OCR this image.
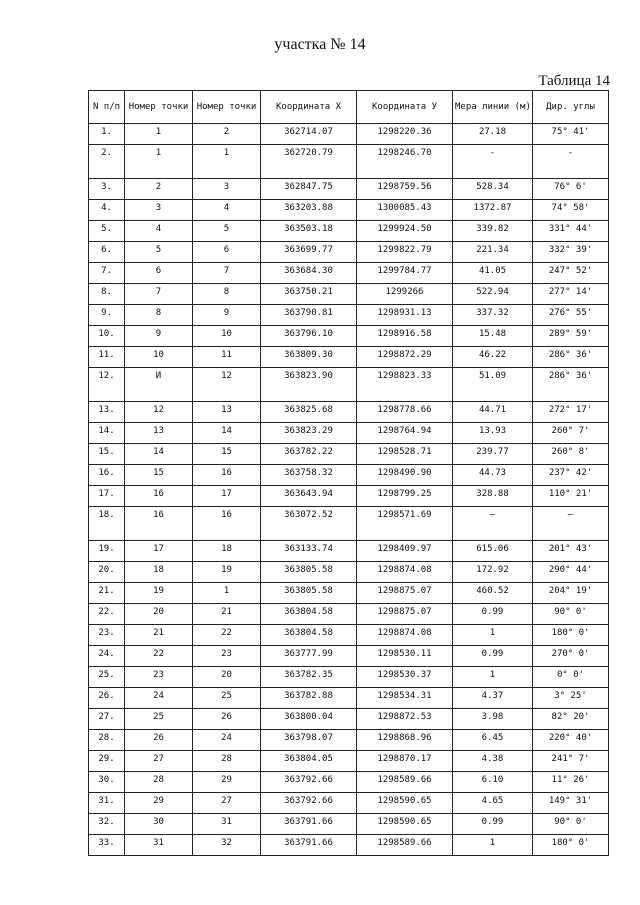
участка № 14
Таблица 14
N п/п	Номер точки	Номер точки	Координата X	Координата У	Мера линии (м)	Дир. углы
1.	1	2	362714.07	1298220.36	27.18	75° 41'
2.	1	1	362720.79	1298246.70	-	-
3.	2	3	362847.75	1298759.56	528.34	76° 6'
4.	3	4	363203.88	1300085.43	1372.87	74° 58'
5.	4	5	363503.18	1299924.50	339.82	331° 44'
6.	5	6	363699.77	1299822.79	221.34	332° 39'
7.	6	7	363684.30	1299784.77	41.05	247° 52'
8.	7	8	363750.21	1299266	522.94	277° 14'
9.	8	9	363790.81	1298931.13	337.32	276° 55'
10.	9	10	363796.10	1298916.58	15.48	289° 59'
11.	10	11	363809.30	1298872.29	46.22	286° 36'
12.	И	12	363823.90	1298823.33	51.09	286° 36'
13.	12	13	363825.68	1298778.66	44.71	272° 17'
14.	13	14	363823.29	1298764.94	13.93	260° 7'
15.	14	15	363782.22	1298528.71	239.77	260° 8'
16.	15	16	363758.32	1298490.90	44.73	237° 42'
17.	16	17	363643.94	1298799.25	328.88	110° 21'
18.	16	16	363072.52	1298571.69	—	—
19.	17	18	363133.74	1298409.97	615.06	201° 43'
20.	18	19	363805.58	1298874.08	172.92	290° 44'
21.	19	1	363805.58	1298875.07	460.52	204° 19'
22.	20	21	363804.58	1298875.07	0.99	90° 0'
23.	21	22	363804.58	1298874.08	1	180° 0'
24.	22	23	363777.99	1298530.11	0.99	270° 0'
25.	23	20	363782.35	1298530.37	1	0° 0'
26.	24	25	363782.88	1298534.31	4.37	3° 25'
27.	25	26	363800.04	1298872.53	3.98	82° 20'
28.	26	24	363798.07	1298868.96	6.45	220° 40'
29.	27	28	363804.05	1298870.17	4.38	241° 7'
30.	28	29	363792.66	1298589.66	6.10	11° 26'
31.	29	27	363792.66	1298590.65	4.65	149° 31'
32.	30	31	363791.66	1298590.65	0.99	90° 0'
33.	31	32	363791.66	1298589.66	1	180° 0'
